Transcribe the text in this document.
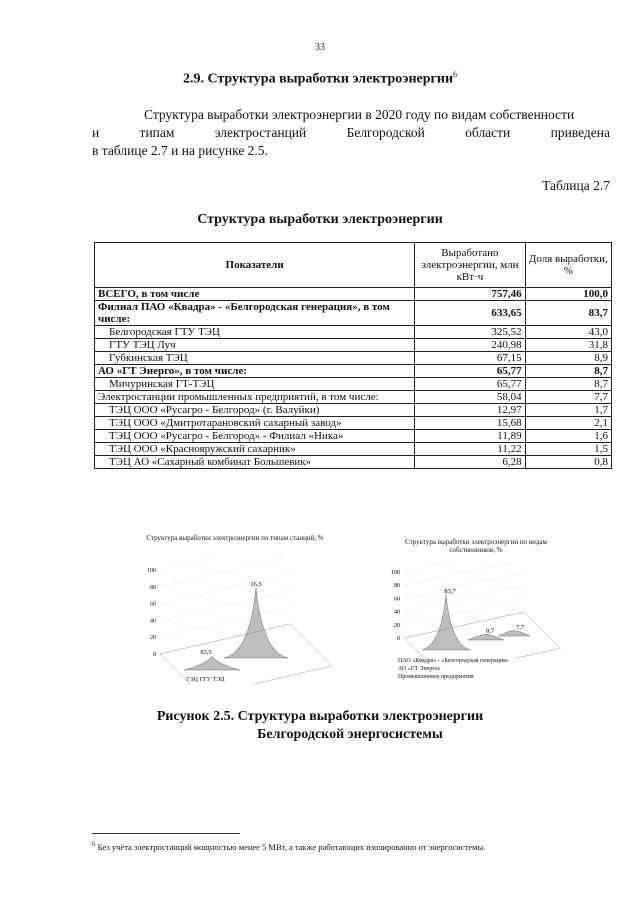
33
2.9. Структура выработки электроэнергии$^6$
Структура выработки электроэнергии в 2020 году по видам собственности
и	типам	электростанций	Белгородской	области	приведена
в таблице 2.7 и на рисунке 2.5.
Таблица 2.7
Структура выработки электроэнергии
Показатели	Выработано электроэнергии, млн кВт·ч	Доля выработки, %
ВСЕГО, в том числе	757,46	100,0
Филиал ПАО «Квадра» - «Белгородская генерация», в том числе:	633,65	83,7
Белгородская ГТУ ТЭЦ	325,52	43,0
ГТУ ТЭЦ Луч	240,98	31,8
Губкинская ТЭЦ	67,15	8,9
АО «ГТ Энерго», в том числе:	65,77	8,7
Мичуринская ГТ-ТЭЦ	65,77	8,7
Электростанции промышленных предприятий, в том числе:	58,04	7,7
ТЭЦ ООО «Русагро - Белгород» (г. Валуйки)	12,97	1,7
ТЭЦ ООО «Дмитротарановский сахарный завод»	15,68	2,1
ТЭЦ ООО «Русагро - Белгород» - Филиал «Ника»	11,89	1,6
ТЭЦ ООО «Краснояружский сахарник»	11,22	1,5
ТЭЦ АО «Сахарный комбинат Большевик»	6,28	0,8
Структура выработки электроэнергии по типам станций, %
100
80
60
40
20
0	83,5
16,5
ТЭЦ ГТУ ТЭЦ
Структура выработки электроэнергии по видам собственников, %
100
80
60
40
20
0
83,7
8,7	7,7
ПАО «Квадра» - «Белгородская генерация»
АО «ГТ Энерго»
Промышленные предприятия
Рисунок 2.5. Структура выработки электроэнергии
Белгородской энергосистемы
$^6$ Без учёта электростанций мощностью менее 5 МВт, а также работающих изолированно от энергосистемы.
